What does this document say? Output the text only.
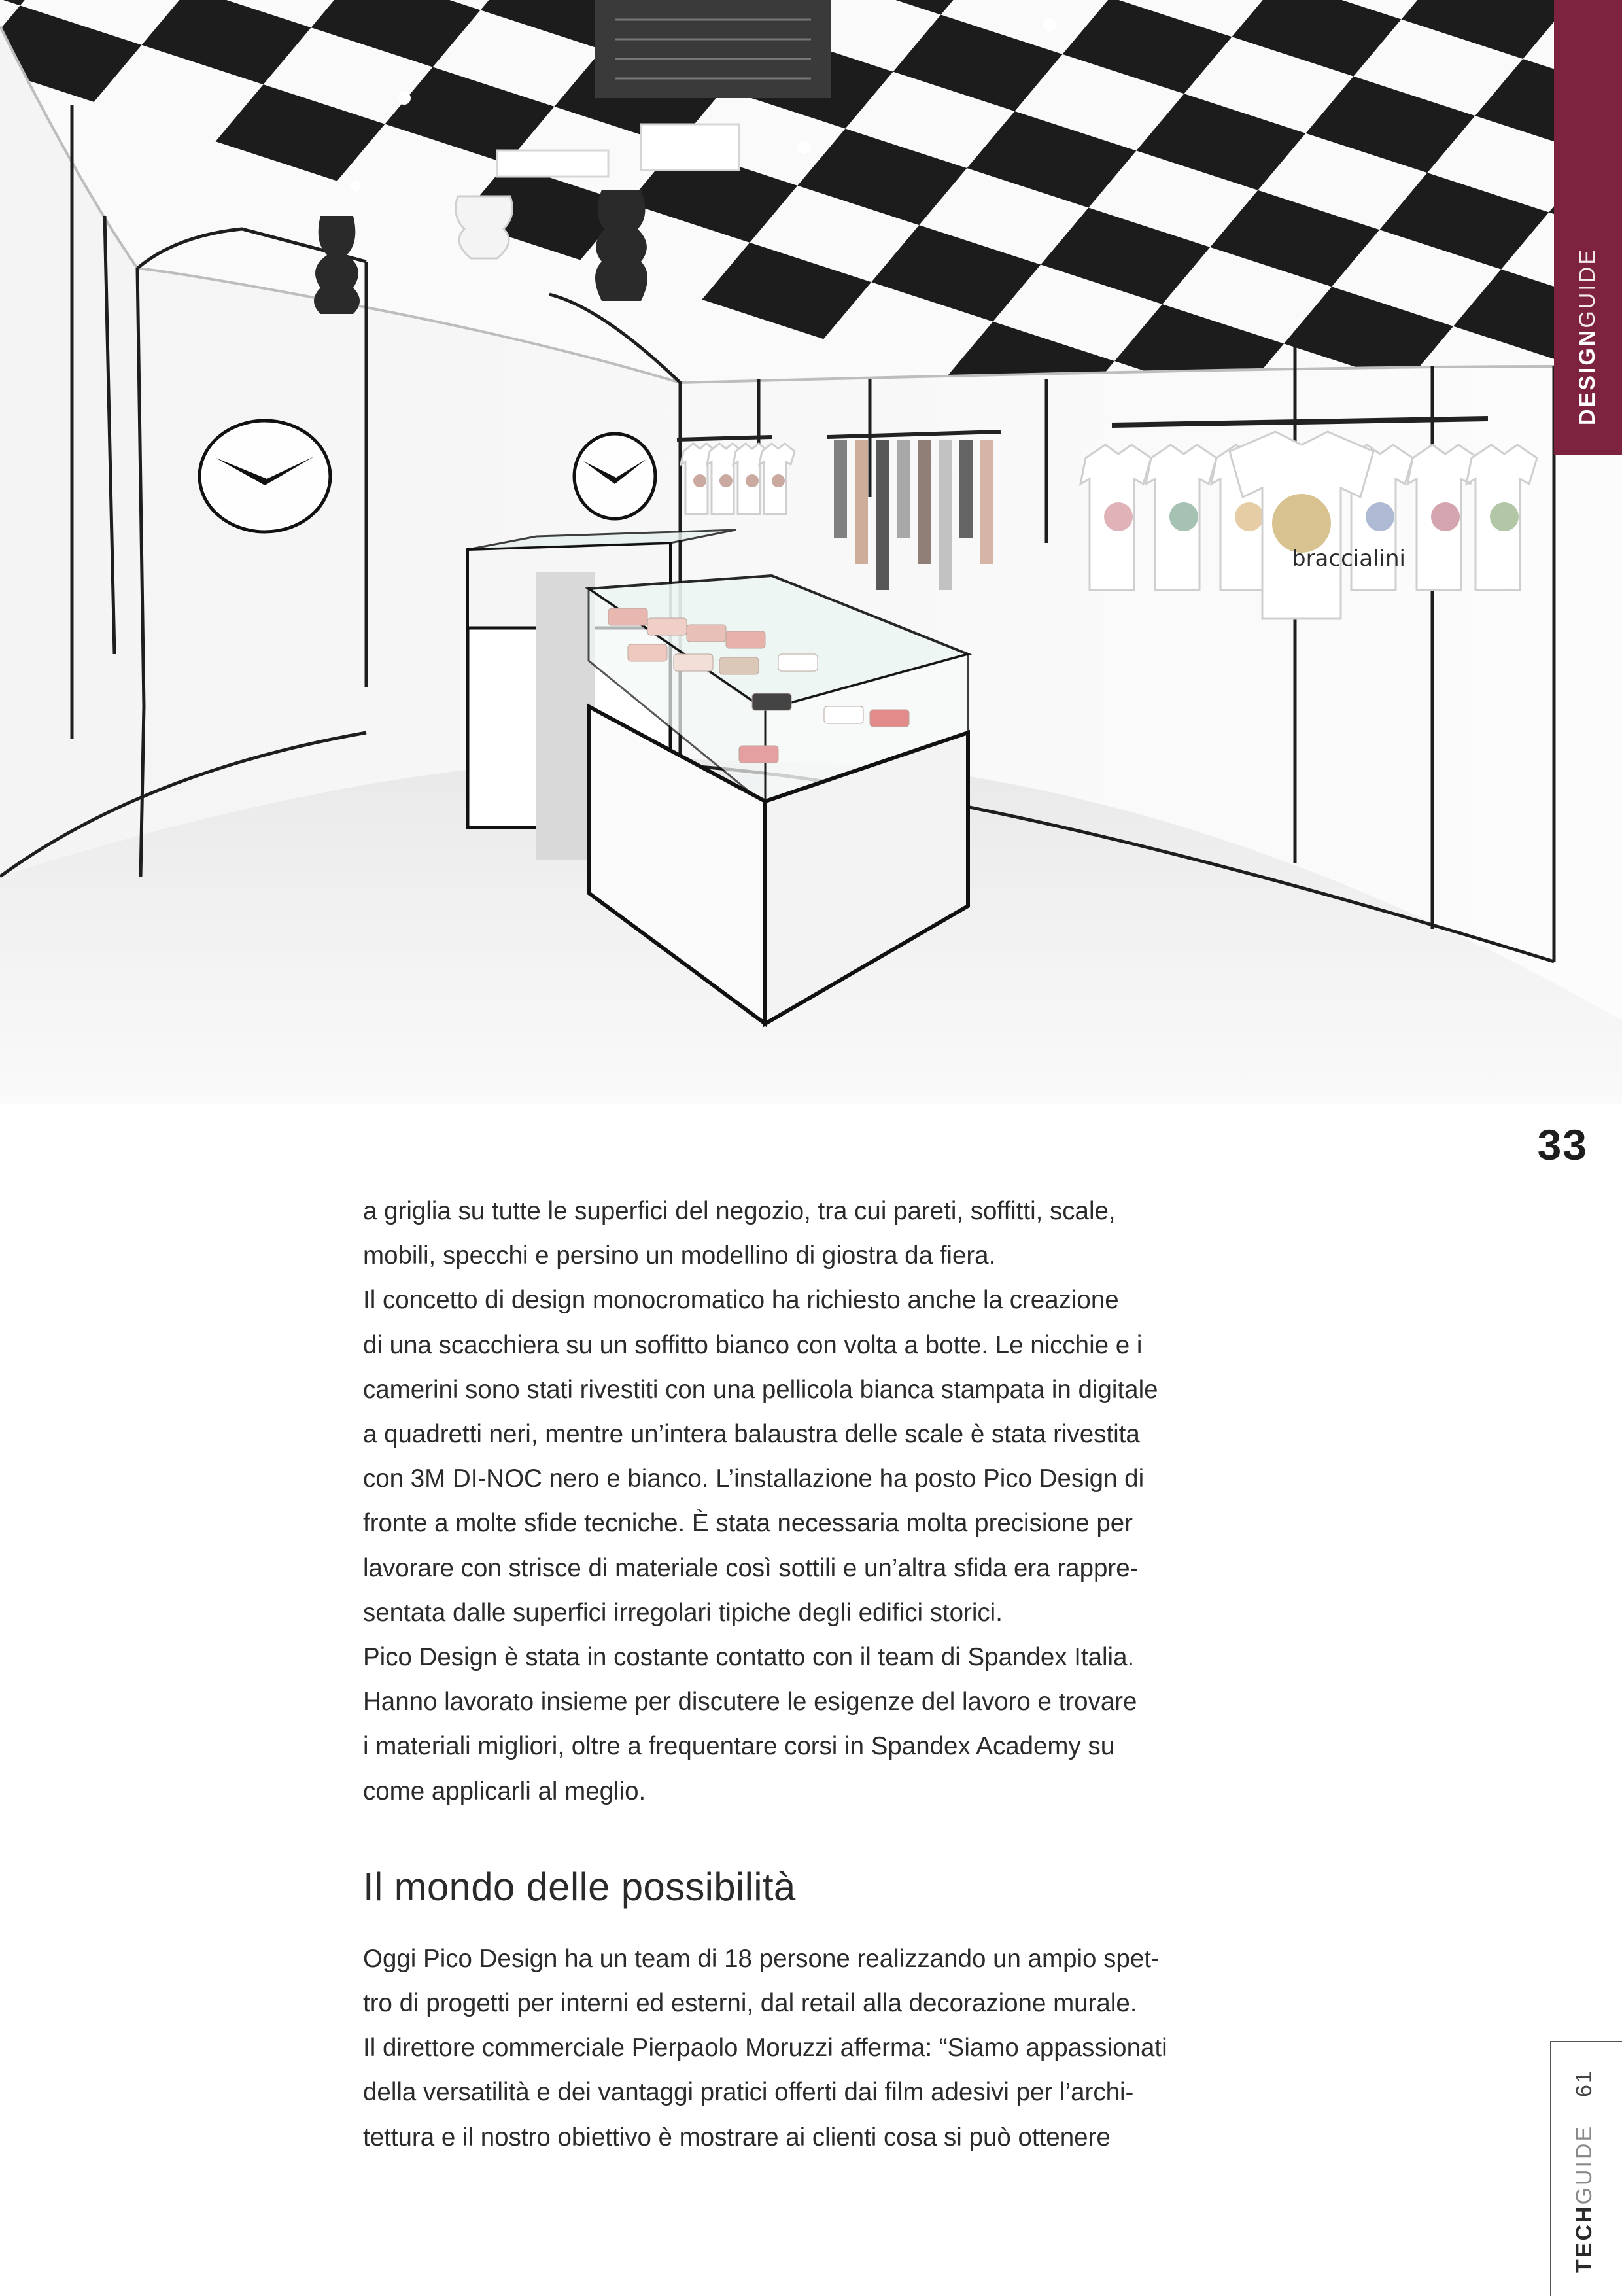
braccialini
DESIGNGUIDE
33
TECHGUIDE
61

a griglia su tutte le superfici del negozio, tra cui pareti, soffitti, scale,

mobili, specchi e persino un modellino di giostra da fiera.

Il concetto di design monocromatico ha richiesto anche la creazione

di una scacchiera su un soffitto bianco con volta a botte. Le nicchie e i

camerini sono stati rivestiti con una pellicola bianca stampata in digitale

a quadretti neri, mentre un’intera balaustra delle scale è stata rivestita

con 3M DI-NOC nero e bianco. L’installazione ha posto Pico Design di

fronte a molte sfide tecniche. È stata necessaria molta precisione per

lavorare con strisce di materiale così sottili e un’altra sfida era rappre-

sentata dalle superfici irregolari tipiche degli edifici storici.

Pico Design è stata in costante contatto con il team di Spandex Italia.

Hanno lavorato insieme per discutere le esigenze del lavoro e trovare

i materiali migliori, oltre a frequentare corsi in Spandex Academy su

come applicarli al meglio.

Il mondo delle possibilità

Oggi Pico Design ha un team di 18 persone realizzando un ampio spet-

tro di progetti per interni ed esterni, dal retail alla decorazione murale.

Il direttore commerciale Pierpaolo Moruzzi afferma: “Siamo appassionati

della versatilità e dei vantaggi pratici offerti dai film adesivi per l’archi-

tettura e il nostro obiettivo è mostrare ai clienti cosa si può ottenere
